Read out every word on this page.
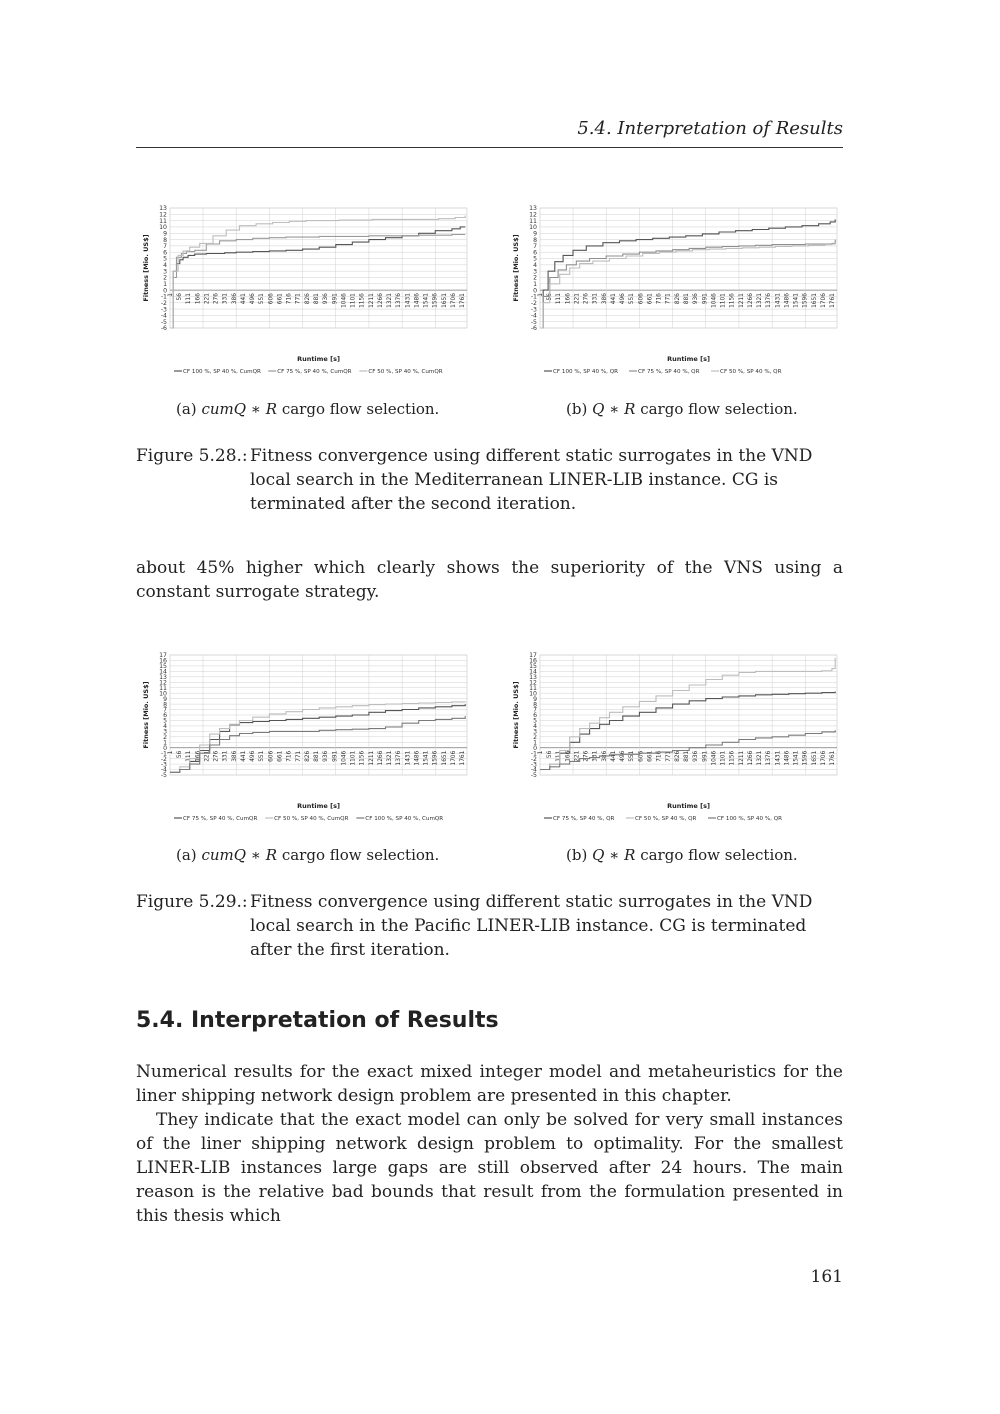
5.4. Interpretation of Results
-6
-5
-4
-3
-2
-1
0
1
2
3
4
5
6
7
8
9
10
11
12
13
1 56 111 166 221 276 331 386 441 496 551 606 661 716 771 826 881 936 991 1046 1101 1156 1211 1266 1321 1376 1431 1486 1541 1596 1651 1706 1761
Runtime [s]
Fitness [Mio. US$]
CF 100 %, SP 40 %, CumQR	CF 75 %, SP 40 %, CumQR	CF 50 %, SP 40 %, CumQR
-6
-5
-4
-3
-2
-1
0
1
2
3
4
5
6
7
8
9
10
11
12
13
1 56 111 166 221 276 331 386 441 496 551 606 661 716 771 826 881 936 991 1046 1101 1156 1211 1266 1321 1376 1431 1486 1541 1596 1651 1706 1761
Runtime [s]
Fitness [Mio. US$]
CF 100 %, SP 40 %, QR	CF 75 %, SP 40 %, QR	CF 50 %, SP 40 %, QR
(a) cumQ ∗ R cargo flow selection.	(b) Q ∗ R cargo flow selection.
Figure 5.28.: Fitness convergence using different static surrogates in the VND local search in the Mediterranean LINER-LIB instance. CG is terminated after the second iteration.
about 45% higher which clearly shows the superiority of the VNS using a constant surrogate strategy.
-5
-4
-3
-2
-1
0
1
2
3
4
5
6
7
8
9
10
11
12
13
14
15
16
17
1 56 111 166 221 276 331 386 441 496 551 606 661 716 771 826 881 936 991 1046 1101 1156 1211 1266 1321 1376 1431 1486 1541 1596 1651 1706 1761
Runtime [s]
Fitness [Mio. US$]
CF 75 %, SP 40 %, CumQR	CF 50 %, SP 40 %, CumQR	CF 100 %, SP 40 %, CumQR
-5
-4
-3
-2
-1
0
1
2
3
4
5
6
7
8
9
10
11
12
13
14
15
16
17
1 56 111 166 221 276 331 386 441 496 551 606 661 716 771 826 881 936 991 1046 1101 1156 1211 1266 1321 1376 1431 1486 1541 1596 1651 1706 1761
Runtime [s]
Fitness [Mio. US$]
CF 75 %, SP 40 %, QR	CF 50 %, SP 40 %, QR	CF 100 %, SP 40 %, QR
(a) cumQ ∗ R cargo flow selection.	(b) Q ∗ R cargo flow selection.
Figure 5.29.: Fitness convergence using different static surrogates in the VND local search in the Pacific LINER-LIB instance. CG is terminated after the first iteration.
5.4. Interpretation of Results
Numerical results for the exact mixed integer model and metaheuristics for the liner shipping network design problem are presented in this chapter.
They indicate that the exact model can only be solved for very small instances of the liner shipping network design problem to optimality. For the smallest LINER-LIB instances large gaps are still observed after 24 hours. The main reason is the relative bad bounds that result from the formulation presented in this thesis which
161
